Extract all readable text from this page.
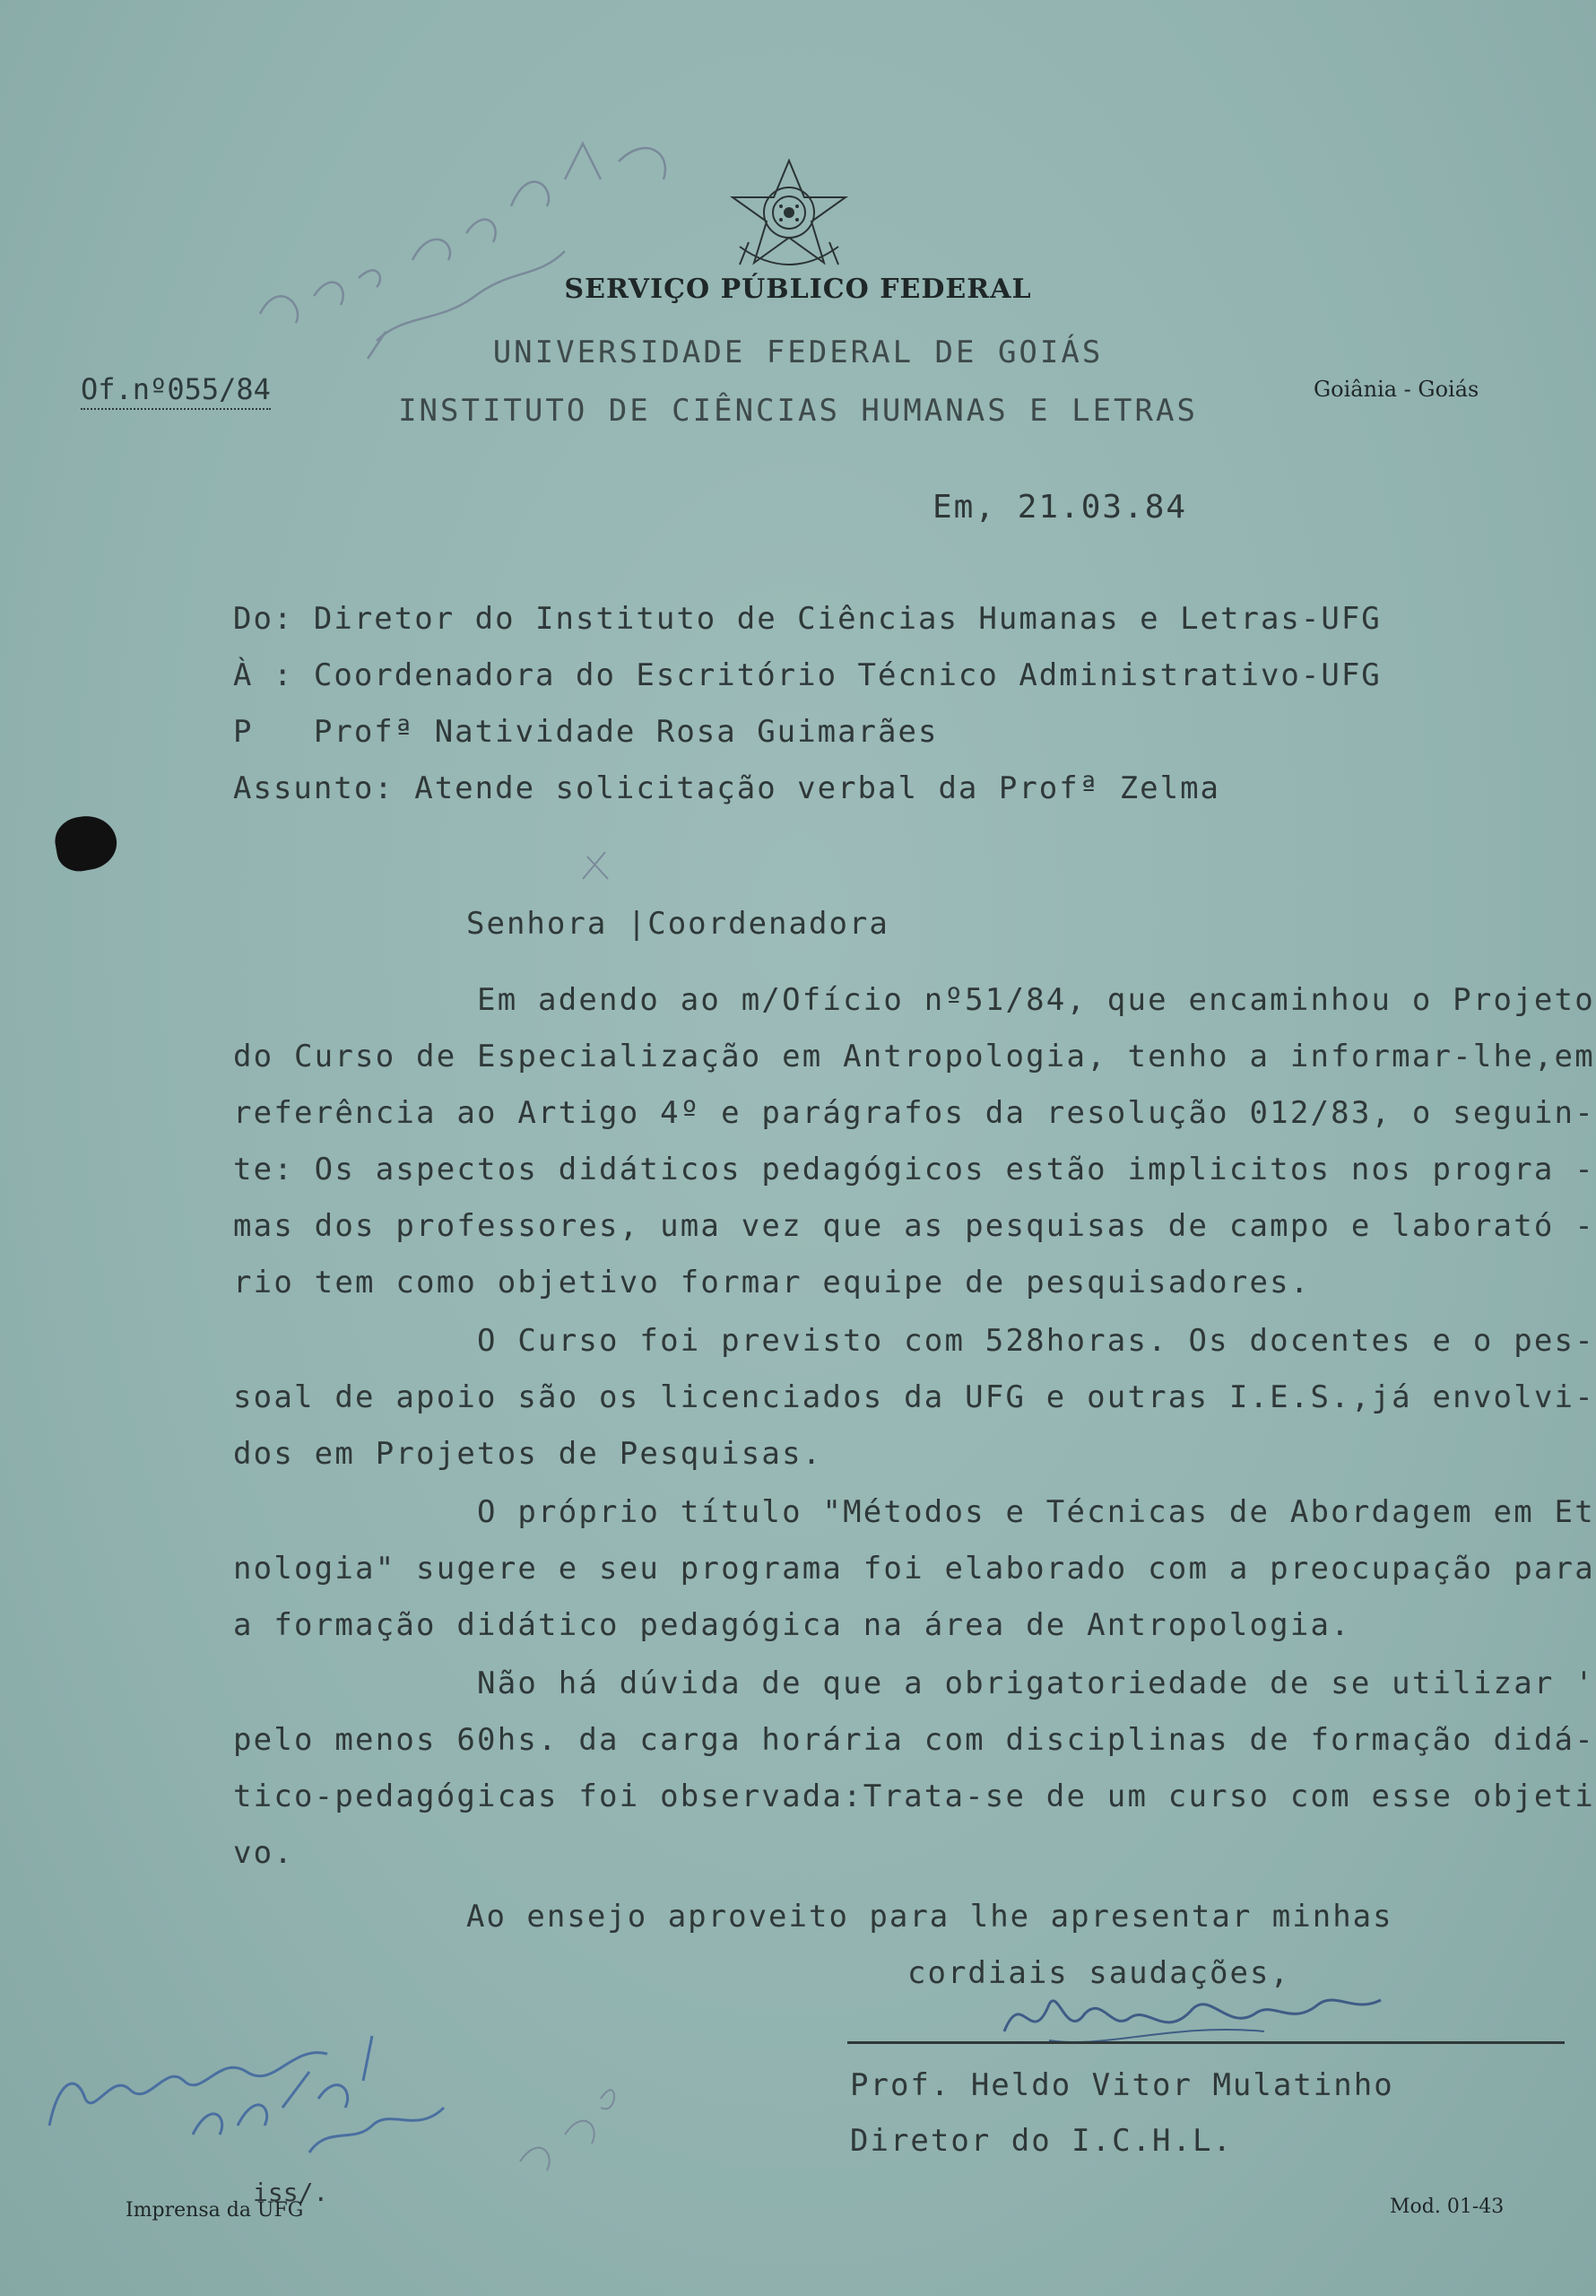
SERVIÇO PÚBLICO FEDERAL
UNIVERSIDADE FEDERAL DE GOIÁS
INSTITUTO DE CIÊNCIAS HUMANAS E LETRAS
Of.nº055/84	Goiânia - Goiás
Em, 21.03.84
Do: Diretor do Instituto de Ciências Humanas e Letras-UFG
À : Coordenadora do Escritório Técnico Administrativo-UFG
P   Profª Natividade Rosa Guimarães
Assunto: Atende solicitação verbal da Profª Zelma
Senhora |Coordenadora
Em adendo ao m/Ofício nº51/84, que encaminhou o Projeto
do Curso de Especialização em Antropologia, tenho a informar-lhe,em
referência ao Artigo 4º e parágrafos da resolução 012/83, o seguin-
te: Os aspectos didáticos pedagógicos estão implicitos nos progra -
mas dos professores, uma vez que as pesquisas de campo e laborató -
rio tem como objetivo formar equipe de pesquisadores.
O Curso foi previsto com 528horas. Os docentes e o pes-
soal de apoio são os licenciados da UFG e outras I.E.S.,já envolvi-
dos em Projetos de Pesquisas.
O próprio título "Métodos e Técnicas de Abordagem em Et
nologia" sugere e seu programa foi elaborado com a preocupação para
a formação didático pedagógica na área de Antropologia.
Não há dúvida de que a obrigatoriedade de se utilizar '
pelo menos 60hs. da carga horária com disciplinas de formação didá-
tico-pedagógicas foi observada:Trata-se de um curso com esse objeti
vo.
Ao ensejo aproveito para lhe apresentar minhas
cordiais saudações,
Prof. Heldo Vitor Mulatinho
Diretor do I.C.H.L.
iss/.
Imprensa da UFG	Mod. 01-43
